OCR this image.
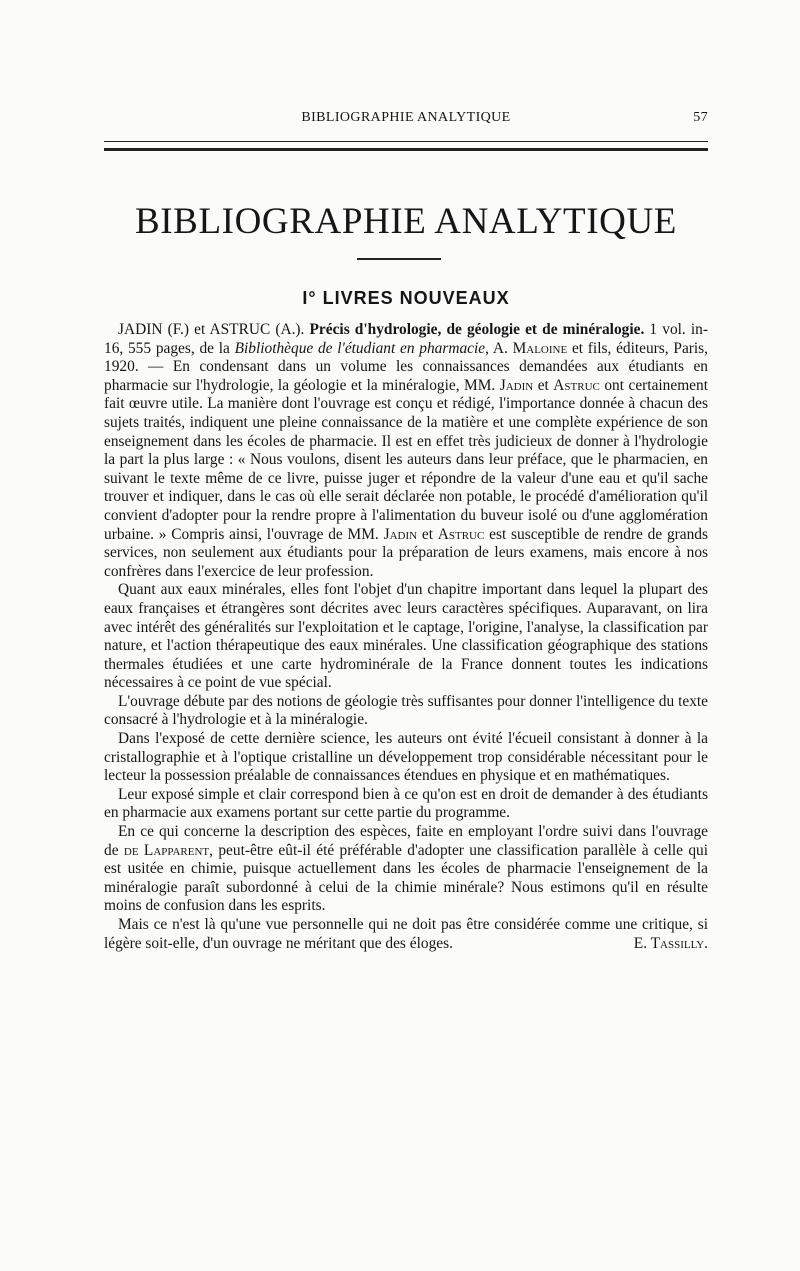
BIBLIOGRAPHIE ANALYTIQUE	57
BIBLIOGRAPHIE ANALYTIQUE
I° LIVRES NOUVEAUX

JADIN (F.) et ASTRUC (A.). Précis d'hydrologie, de géologie et de minéralogie. 1 vol. in-16, 555 pages, de la Bibliothèque de l'étudiant en pharmacie, A. Maloine et fils, éditeurs, Paris, 1920. — En condensant dans un volume les connaissances demandées aux étudiants en pharmacie sur l'hydrologie, la géologie et la minéralogie, MM. Jadin et Astruc ont certainement fait œuvre utile. La manière dont l'ouvrage est conçu et rédigé, l'importance donnée à chacun des sujets traités, indiquent une pleine connaissance de la matière et une complète expérience de son enseignement dans les écoles de pharmacie. Il est en effet très judicieux de donner à l'hydrologie la part la plus large : « Nous voulons, disent les auteurs dans leur préface, que le pharmacien, en suivant le texte même de ce livre, puisse juger et répondre de la valeur d'une eau et qu'il sache trouver et indiquer, dans le cas où elle serait déclarée non potable, le procédé d'amélioration qu'il convient d'adopter pour la rendre propre à l'alimentation du buveur isolé ou d'une agglomération urbaine. » Compris ainsi, l'ouvrage de MM. Jadin et Astruc est susceptible de rendre de grands services, non seulement aux étudiants pour la préparation de leurs examens, mais encore à nos confrères dans l'exercice de leur profession.

Quant aux eaux minérales, elles font l'objet d'un chapitre important dans lequel la plupart des eaux françaises et étrangères sont décrites avec leurs caractères spécifiques. Auparavant, on lira avec intérêt des généralités sur l'exploitation et le captage, l'origine, l'analyse, la classification par nature, et l'action thérapeutique des eaux minérales. Une classification géographique des stations thermales étudiées et une carte hydrominérale de la France donnent toutes les indications nécessaires à ce point de vue spécial.

L'ouvrage débute par des notions de géologie très suffisantes pour donner l'intelligence du texte consacré à l'hydrologie et à la minéralogie.

Dans l'exposé de cette dernière science, les auteurs ont évité l'écueil consistant à donner à la cristallographie et à l'optique cristalline un développement trop considérable nécessitant pour le lecteur la possession préalable de connaissances étendues en physique et en mathématiques.

Leur exposé simple et clair correspond bien à ce qu'on est en droit de demander à des étudiants en pharmacie aux examens portant sur cette partie du programme.

En ce qui concerne la description des espèces, faite en employant l'ordre suivi dans l'ouvrage de de Lapparent, peut-être eût-il été préférable d'adopter une classification parallèle à celle qui est usitée en chimie, puisque actuellement dans les écoles de pharmacie l'enseignement de la minéralogie paraît subordonné à celui de la chimie minérale? Nous estimons qu'il en résulte moins de confusion dans les esprits.

Mais ce n'est là qu'une vue personnelle qui ne doit pas être considérée comme une critique, si légère soit-elle, d'un ouvrage ne méritant que des éloges.	E. Tassilly.
